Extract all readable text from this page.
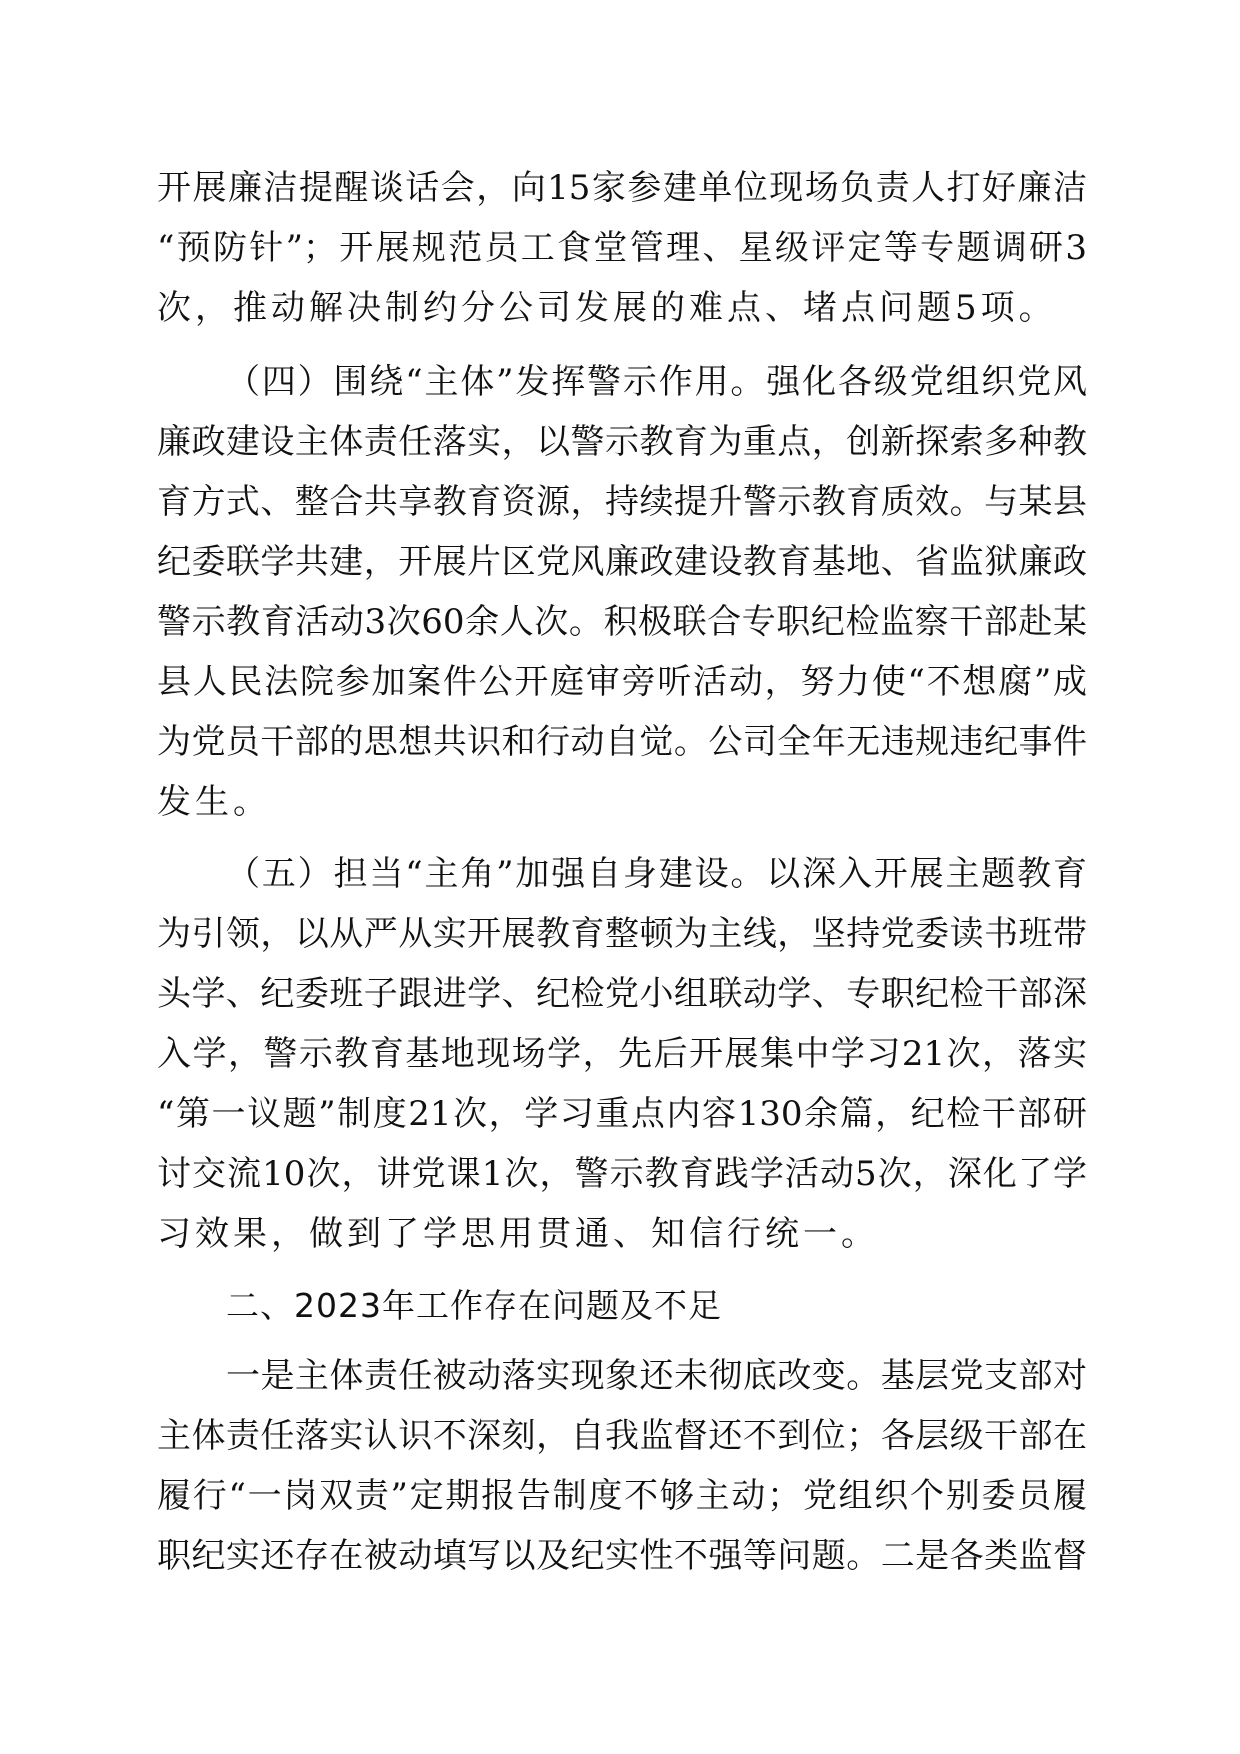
开展廉洁提醒谈话会，向15家参建单位现场负责人打好廉洁
“预防针”；开展规范员工食堂管理、星级评定等专题调研3
次，推动解决制约分公司发展的难点、堵点问题5项。
（四）围绕“主体”发挥警示作用。强化各级党组织党风
廉政建设主体责任落实，以警示教育为重点，创新探索多种教
育方式、整合共享教育资源，持续提升警示教育质效。与某县
纪委联学共建，开展片区党风廉政建设教育基地、省监狱廉政
警示教育活动3次60余人次。积极联合专职纪检监察干部赴某
县人民法院参加案件公开庭审旁听活动，努力使“不想腐”成
为党员干部的思想共识和行动自觉。公司全年无违规违纪事件
发生。
（五）担当“主角”加强自身建设。以深入开展主题教育
为引领，以从严从实开展教育整顿为主线，坚持党委读书班带
头学、纪委班子跟进学、纪检党小组联动学、专职纪检干部深
入学，警示教育基地现场学，先后开展集中学习21次，落实
“第一议题”制度21次，学习重点内容130余篇，纪检干部研
讨交流10次，讲党课1次，警示教育践学活动5次，深化了学
习效果，做到了学思用贯通、知信行统一。
二、2023年工作存在问题及不足
一是主体责任被动落实现象还未彻底改变。基层党支部对
主体责任落实认识不深刻，自我监督还不到位；各层级干部在
履行“一岗双责”定期报告制度不够主动；党组织个别委员履
职纪实还存在被动填写以及纪实性不强等问题。二是各类监督
